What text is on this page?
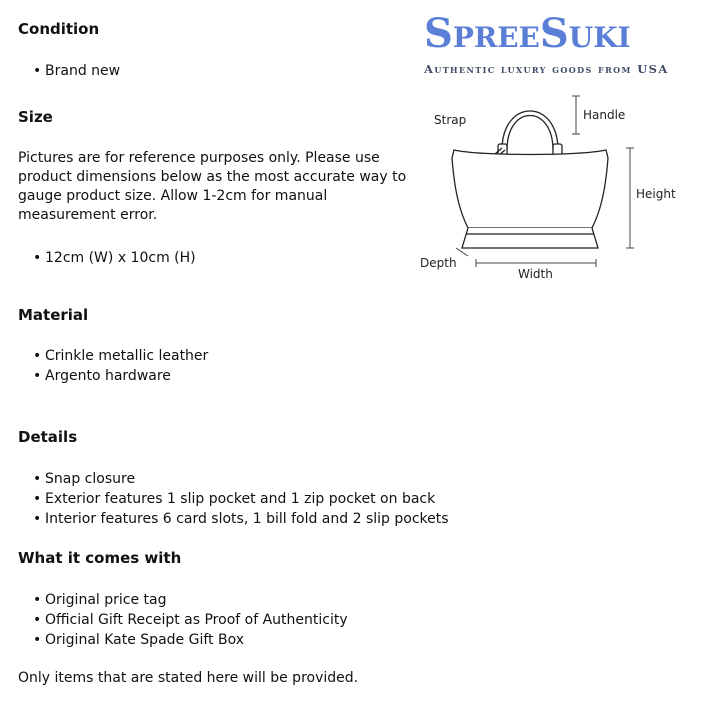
Condition
• Brand new
Size
Pictures are for reference purposes only. Please use product dimensions below as the most accurate way to gauge product size. Allow 1-2cm for manual measurement error.
• 12cm (W) x 10cm (H)
Material
• Crinkle metallic leather
• Argento hardware
Details
• Snap closure
• Exterior features 1 slip pocket and 1 zip pocket on back
• Interior features 6 card slots, 1 bill fold and 2 slip pockets
What it comes with
• Original price tag
• Official Gift Receipt as Proof of Authenticity
• Original Kate Spade Gift Box
Only items that are stated here will be provided.
SpreeSuki
Authentic luxury goods from USA
Strap	Handle
Height
Depth
Width
